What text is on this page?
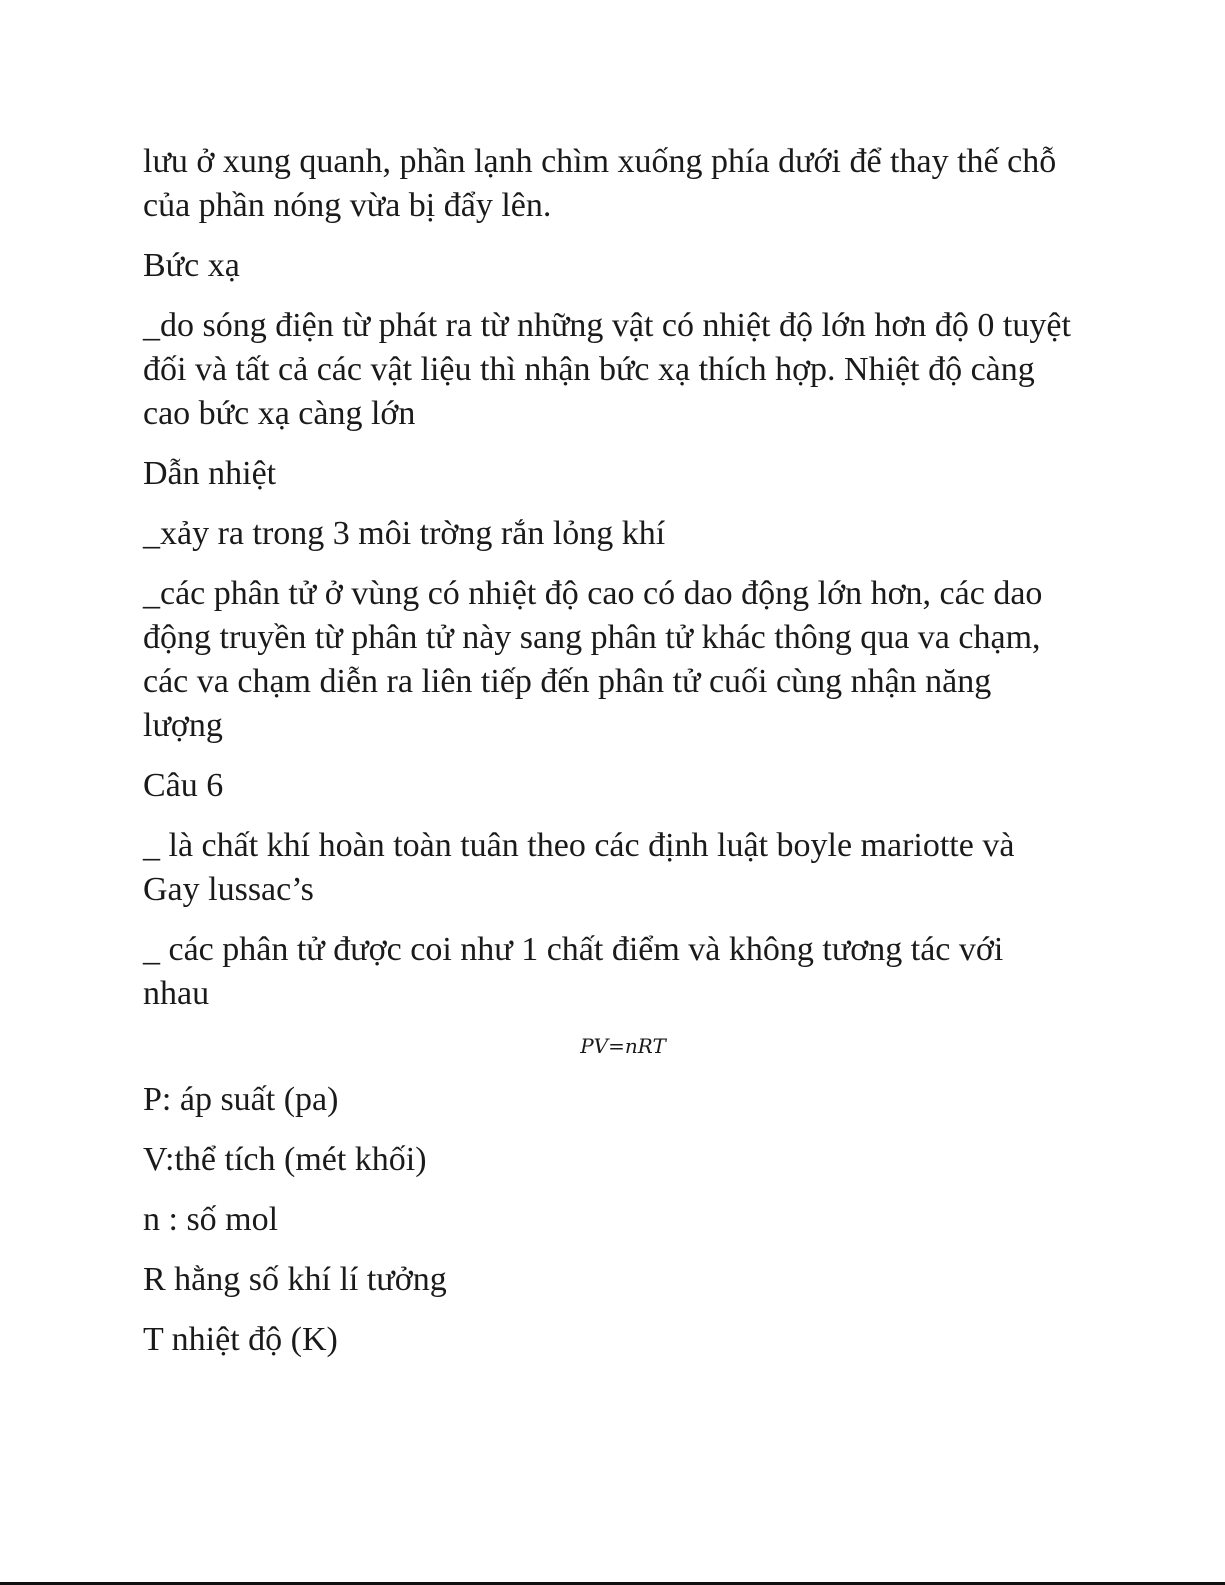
lưu ở xung quanh, phần lạnh chìm xuống phía dưới để thay thế chỗ của phần nóng vừa bị đẩy lên.

Bức xạ

_do sóng điện từ phát ra từ những vật có nhiệt độ lớn hơn độ 0 tuyệt đối và tất cả các vật liệu thì nhận bức xạ thích hợp. Nhiệt độ càng cao bức xạ càng lớn

Dẫn nhiệt

_xảy ra trong 3 môi trờng rắn lỏng khí

_các phân tử ở vùng có nhiệt độ cao có dao động lớn hơn, các dao động truyền từ phân tử này sang phân tử khác thông qua va chạm, các va chạm diễn ra liên tiếp đến phân tử cuối cùng nhận năng lượng

Câu 6

_ là chất khí hoàn toàn tuân theo các định luật boyle mariotte và Gay lussac’s

_ các phân tử được coi như 1 chất điểm và không tương tác với nhau

PV=nRT

P: áp suất (pa)

V:thể tích (mét khối)

n : số mol

R hằng số khí lí tưởng

T nhiệt độ (K)
